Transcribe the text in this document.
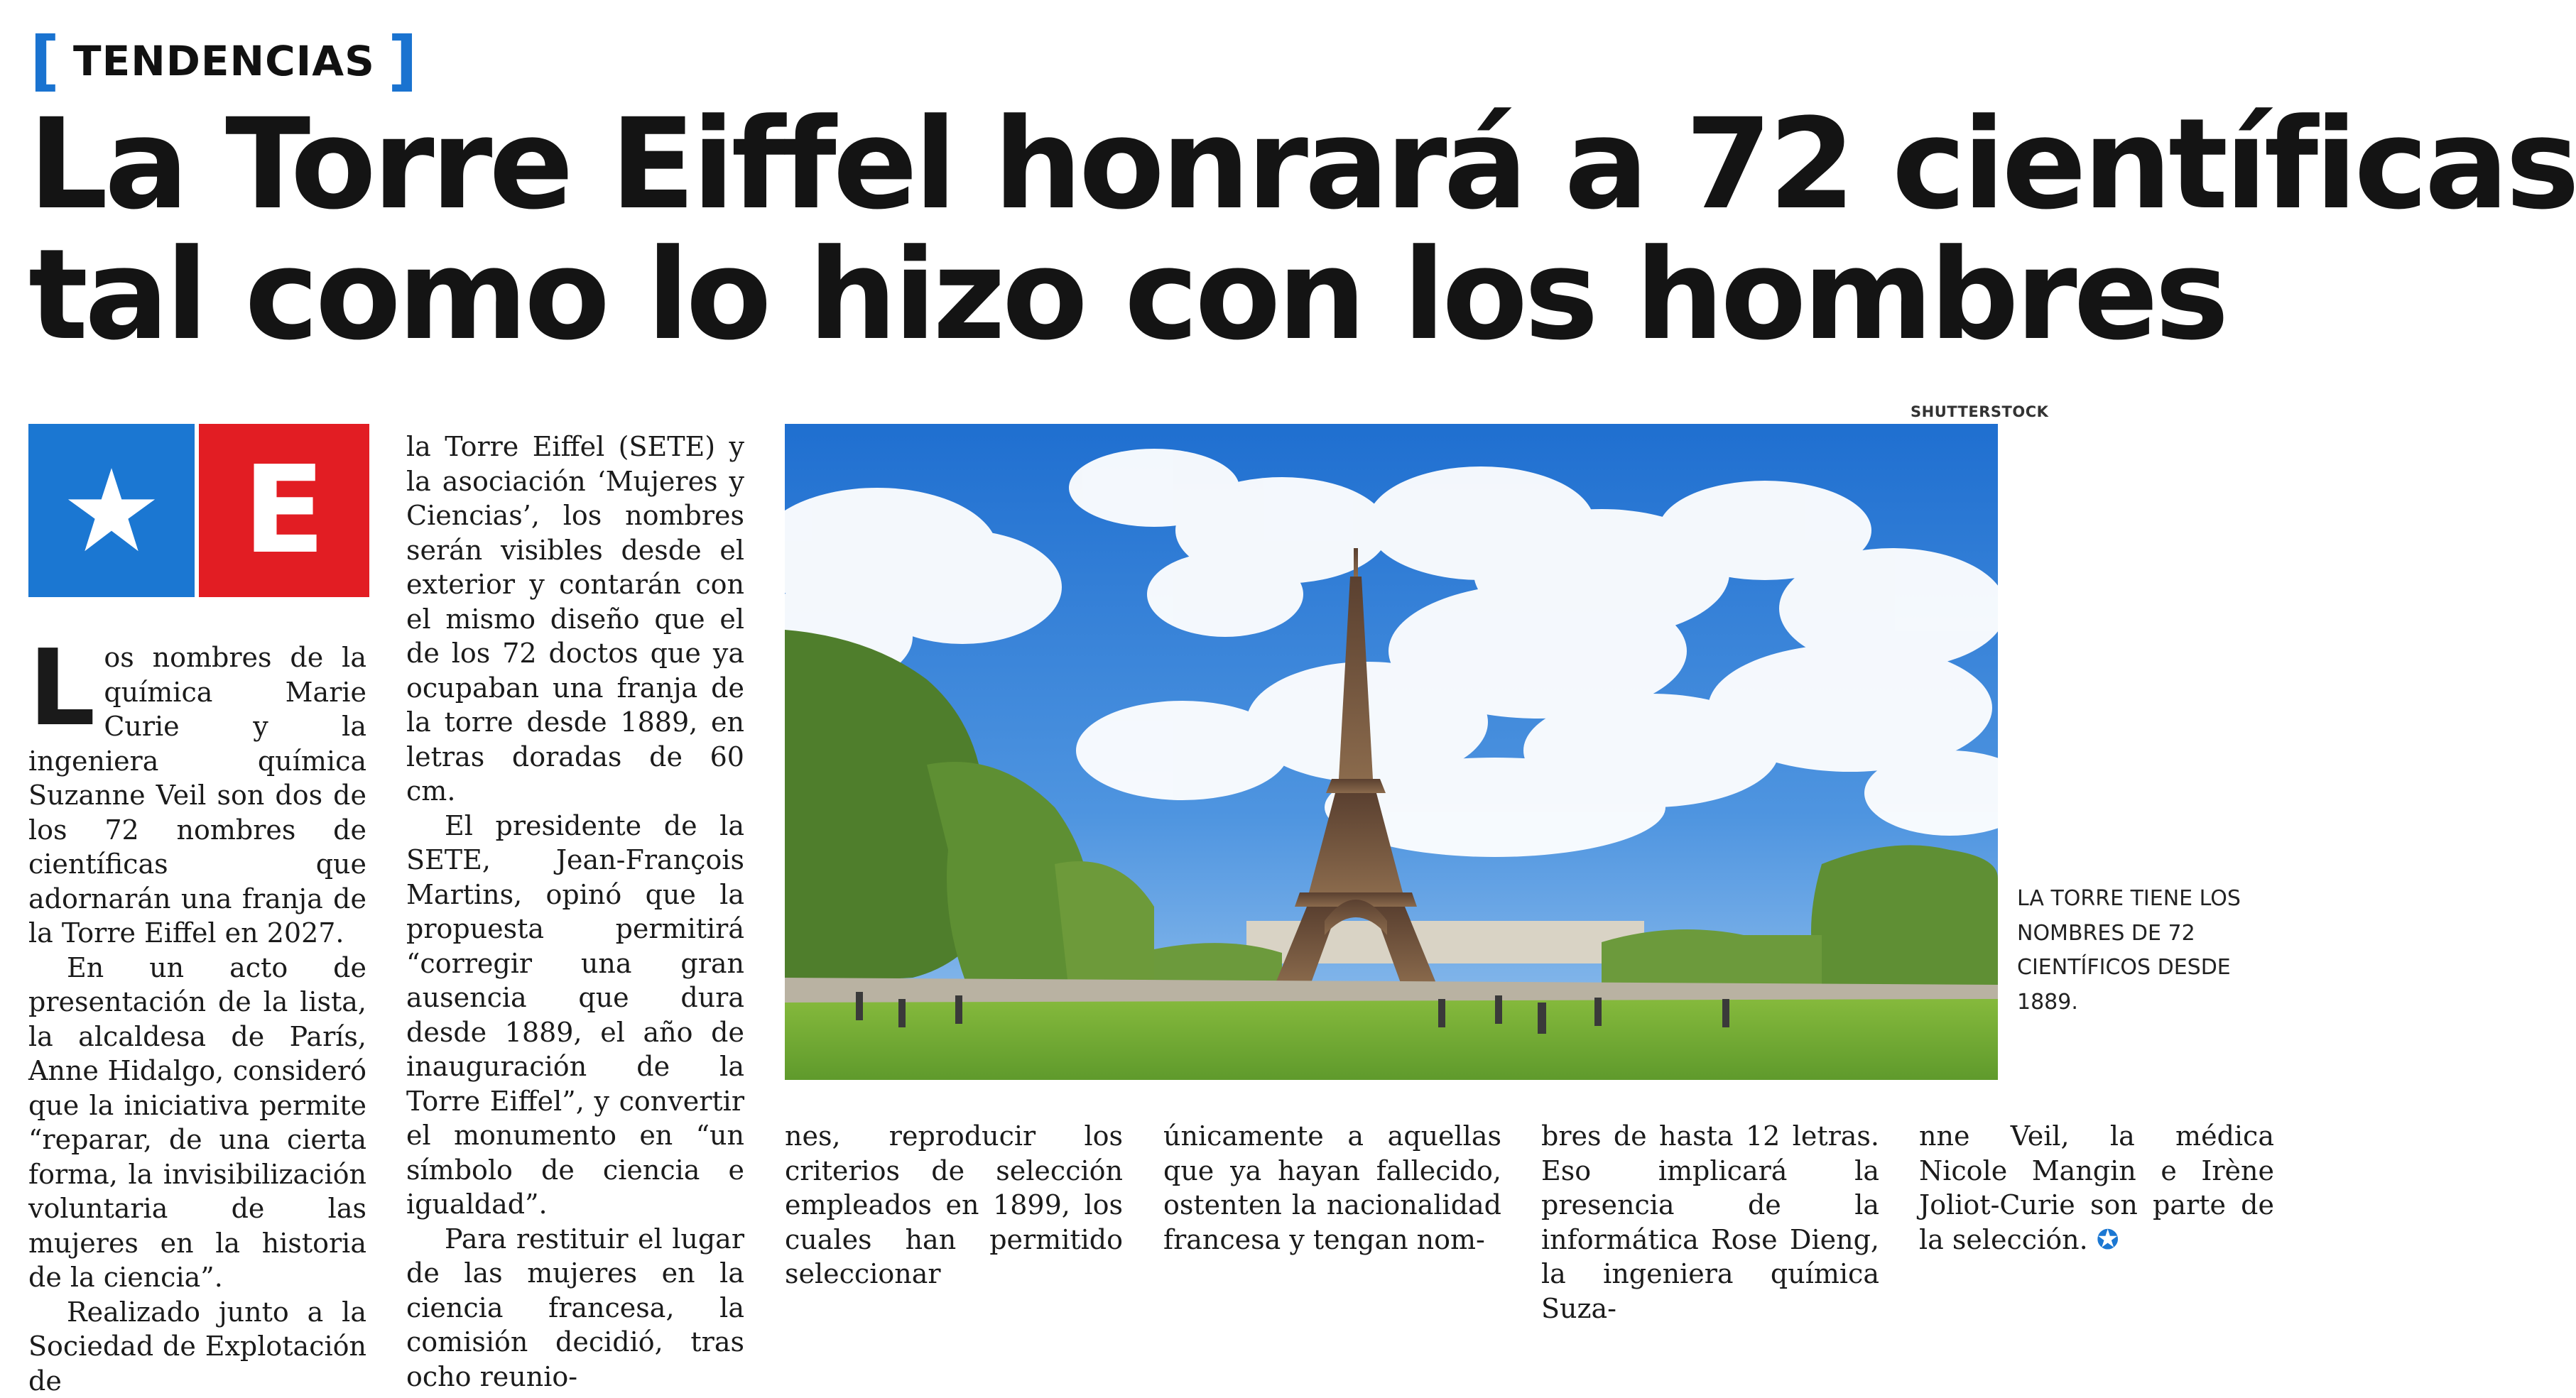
[ TENDENCIAS ]
La Torre Eiffel honrará a 72 científicas
tal como lo hizo con los hombres
E

Los nombres de la química Marie Curie y la ingeniera química Suzanne Veil son dos de los 72 nombres de científicas que adornarán una franja de la Torre Eiffel en 2027.

En un acto de presentación de la lista, la alcaldesa de París, Anne Hidalgo, consideró que la iniciativa permite “reparar, de una cierta forma, la invisibilización voluntaria de las mujeres en la historia de la ciencia”.

Realizado junto a la Sociedad de Explotación de

la Torre Eiffel (SETE) y la asociación ‘Mujeres y Ciencias’, los nombres serán visibles desde el exterior y contarán con el mismo diseño que el de los 72 doctos que ya ocupaban una franja de la torre desde 1889, en letras doradas de 60 cm.

El presidente de la SETE, Jean-François Martins, opinó que la propuesta permitirá “corregir una gran ausencia que dura desde 1889, el año de inauguración de la Torre Eiffel”, y convertir el monumento en “un símbolo de ciencia e igualdad”.

Para restituir el lugar de las mujeres en la ciencia francesa, la comisión decidió, tras ocho reunio-

SHUTTERSTOCK
LA TORRE TIENE LOS NOMBRES DE 72 CIENTÍFICOS DESDE 1889.

nes, reproducir los criterios de selección empleados en 1899, los cuales han permitido seleccionar

únicamente a aquellas que ya hayan fallecido, ostenten la nacionalidad francesa y tengan nom-

bres de hasta 12 letras. Eso implicará la presencia de la informática Rose Dieng, la ingeniera química Suza-

nne Veil, la médica Nicole Mangin e Irène Joliot-Curie son parte de la selección. ✪
